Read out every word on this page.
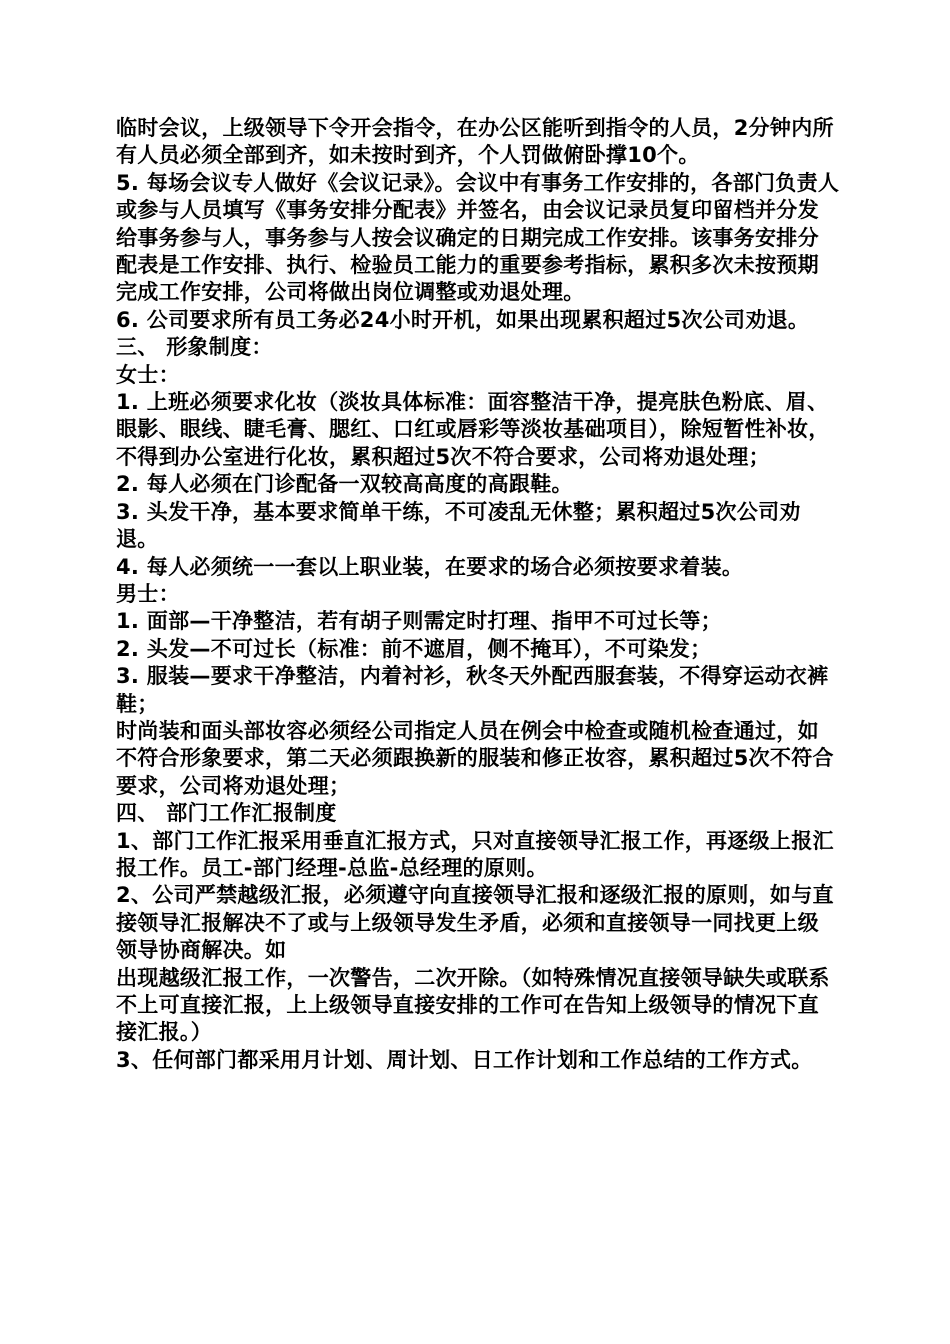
临时会议，上级领导下令开会指令，在办公区能听到指令的人员，2分钟内所有人员必须全部到齐，如未按时到齐，个人罚做俯卧撑10个。

5. 每场会议专人做好《会议记录》。会议中有事务工作安排的，各部门负责人或参与人员填写《事务安排分配表》并签名，由会议记录员复印留档并分发给事务参与人，事务参与人按会议确定的日期完成工作安排。该事务安排分配表是工作安排、执行、检验员工能力的重要参考指标，累积多次未按预期完成工作安排，公司将做出岗位调整或劝退处理。

6. 公司要求所有员工务必24小时开机，如果出现累积超过5次公司劝退。

三、 形象制度：

女士：

1. 上班必须要求化妆（淡妆具体标准：面容整洁干净，提亮肤色粉底、眉、眼影、眼线、睫毛膏、腮红、口红或唇彩等淡妆基础项目），除短暂性补妆，不得到办公室进行化妆，累积超过5次不符合要求，公司将劝退处理；

2. 每人必须在门诊配备一双较高高度的高跟鞋。

3. 头发干净，基本要求简单干练，不可凌乱无休整；累积超过5次公司劝退。

4. 每人必须统一一套以上职业装，在要求的场合必须按要求着装。

男士：

1. 面部—干净整洁，若有胡子则需定时打理、指甲不可过长等；

2. 头发—不可过长（标准：前不遮眉，侧不掩耳），不可染发；

3. 服装—要求干净整洁，内着衬衫，秋冬天外配西服套装，不得穿运动衣裤鞋；

时尚装和面头部妆容必须经公司指定人员在例会中检查或随机检查通过，如不符合形象要求，第二天必须跟换新的服装和修正妆容，累积超过5次不符合要求，公司将劝退处理；

四、 部门工作汇报制度

1、部门工作汇报采用垂直汇报方式，只对直接领导汇报工作，再逐级上报汇报工作。员工-部门经理-总监-总经理的原则。

2、公司严禁越级汇报，必须遵守向直接领导汇报和逐级汇报的原则，如与直接领导汇报解决不了或与上级领导发生矛盾，必须和直接领导一同找更上级领导协商解决。如

出现越级汇报工作，一次警告，二次开除。（如特殊情况直接领导缺失或联系不上可直接汇报，上上级领导直接安排的工作可在告知上级领导的情况下直接汇报。）

3、任何部门都采用月计划、周计划、日工作计划和工作总结的工作方式。
